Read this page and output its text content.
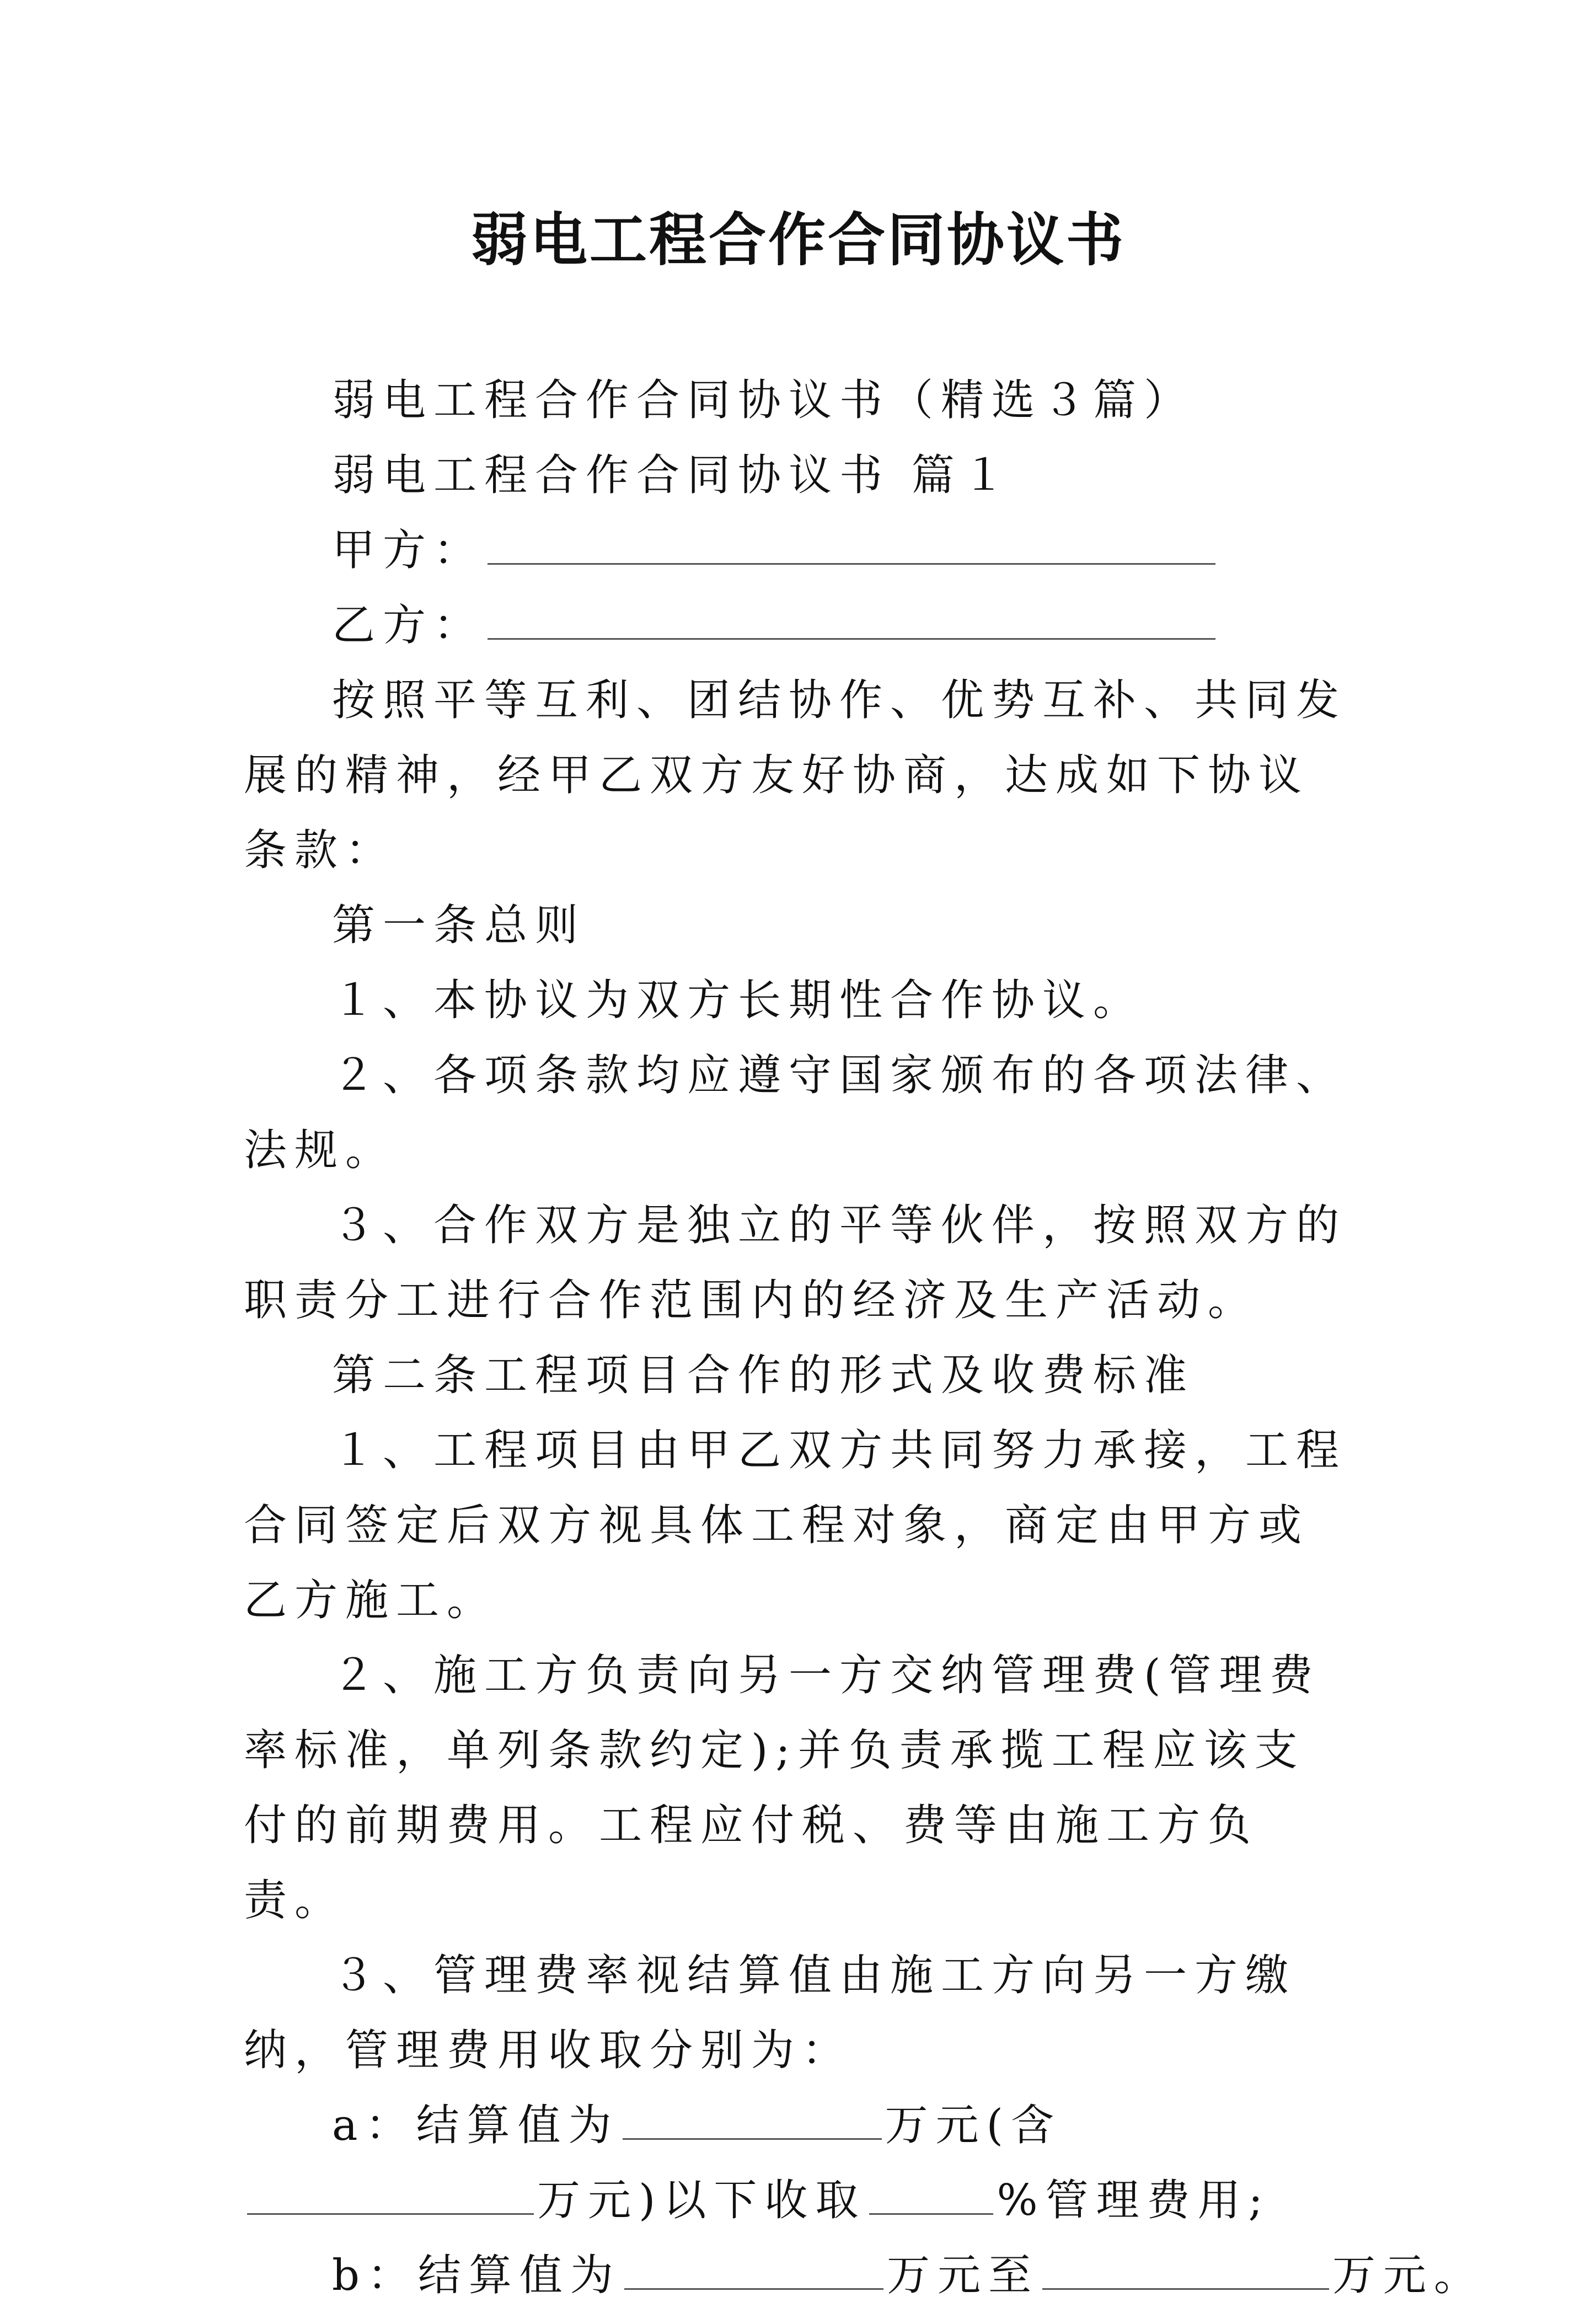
弱电工程合作合同协议书

弱电工程合作合同协议书（精选３篇）

弱电工程合作合同协议书 篇１

甲方：

乙方：

按照平等互利、团结协作、优势互补、共同发展的精神，经甲乙双方友好协商，达成如下协议条款：

第一条总则

１、本协议为双方长期性合作协议。

２、各项条款均应遵守国家颁布的各项法律、法规。

３、合作双方是独立的平等伙伴，按照双方的职责分工进行合作范围内的经济及生产活动。

第二条工程项目合作的形式及收费标准

１、工程项目由甲乙双方共同努力承接，工程合同签定后双方视具体工程对象，商定由甲方或乙方施工。

２、施工方负责向另一方交纳管理费(管理费率标准，单列条款约定);并负责承揽工程应该支付的前期费用。工程应付税、费等由施工方负责。

３、管理费率视结算值由施工方向另一方缴纳，管理费用收取分别为：

a：结算值为	万元(含万元)以下收取	%管理费用;

b：结算值为	万元至	万元。
